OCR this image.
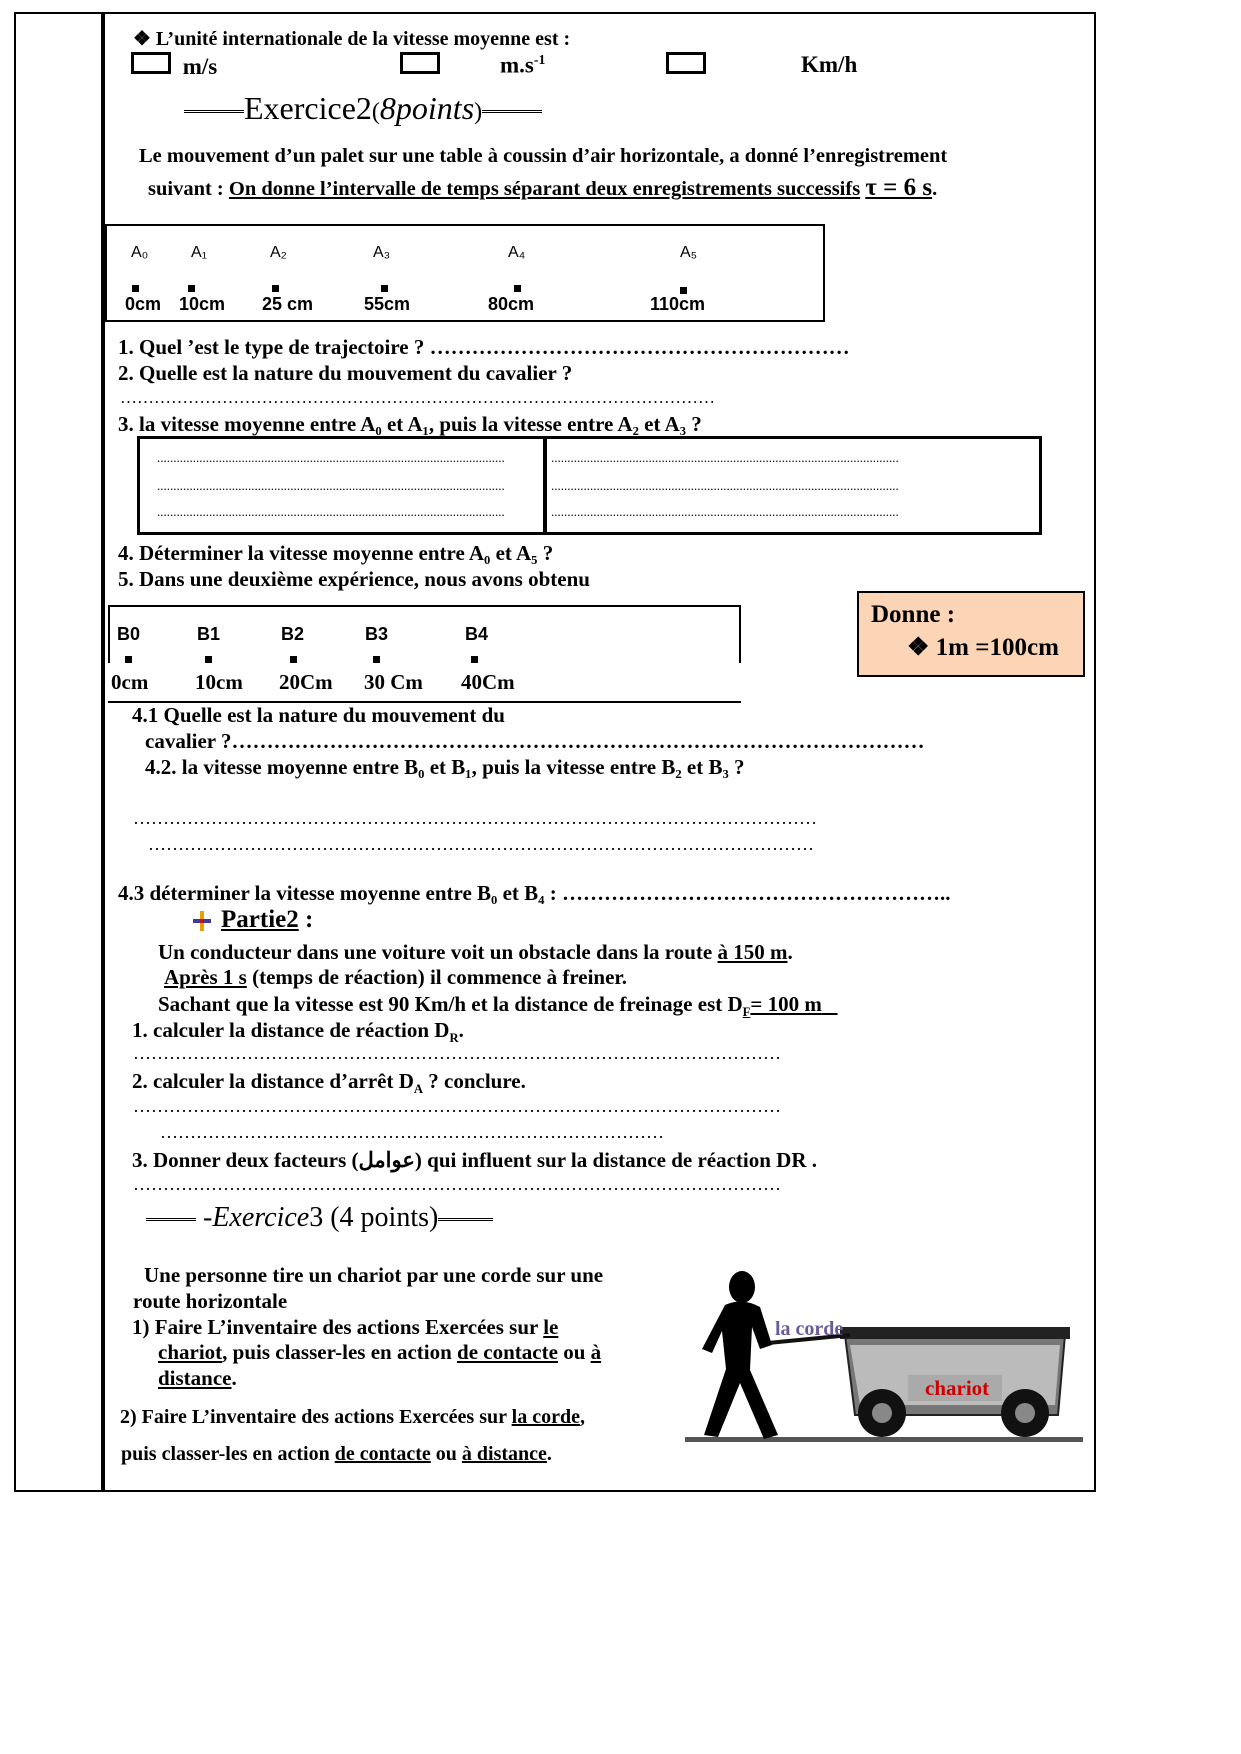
❖ L’unité internationale de la vitesse moyenne est :
m/s	$m.s^{-1}$	Km/h
Exercice2(8points)
Le mouvement d’un palet sur une table à coussin d’air horizontale, a donné l’enregistrement
suivant : On donne l’intervalle de temps séparant deux enregistrements successifs τ = 6 s.
A₀	A₁	A₂	A₃	A₄	A₅
0cm 10cm 25 cm	55cm	80cm	110cm
1. Quel ’est le type de trajectoire ? ……………………………………………………
2. Quelle est la nature du mouvement du cavalier ?
……………………………………………………………………………………………
3. la vitesse moyenne entre A₀ et A₁, puis la vitesse entre A₂ et A₃ ?
...........................................................................................................
...........................................................................................................
...........................................................................................................
...........................................................................................................
...........................................................................................................
...........................................................................................................
4. Déterminer la vitesse moyenne entre A₀ et A₅ ?
5. Dans une deuxième expérience, nous avons obtenu
Donne :
❖ 1m =100cm
B0	B1	B2	B3	B4
0cm 10cm 20Cm 30 Cm 40Cm
4.1 Quelle est la nature du mouvement du
cavalier ?………………………………………………………………………………………
4.2. la vitesse moyenne entre B₀ et B₁, puis la vitesse entre B₂ et B₃ ?
……………………………………………………………………………………………………
…………………………………………………………………………………………………
4.3 déterminer la vitesse moyenne entre B₀ et B₄ : ………………………………………………..
Partie2 :
Un conducteur dans une voiture voit un obstacle dans la route à 150 m.
Après 1 s (temps de réaction) il commence à freiner.
Sachant que la vitesse est 90 Km/h et la distance de freinage est $D_F= 100$ m
1. calculer la distance de réaction $D_R$.
………………………………………………………………………………………………
2. calculer la distance d’arrêt $D_A$ ? conclure.
………………………………………………………………………………………………
…………………………………………………………………………
3. Donner deux facteurs (عوامل) qui influent sur la distance de réaction DR .
………………………………………………………………………………………………
-Exercice3 (4 points)
Une personne tire un chariot par une corde sur une
route horizontale
1) Faire L’inventaire des actions Exercées sur le
chariot, puis classer-les en action de contacte ou à
distance.
2) Faire L’inventaire des actions Exercées sur la corde,
puis classer-les en action de contacte ou à distance.
la corde
chariot
